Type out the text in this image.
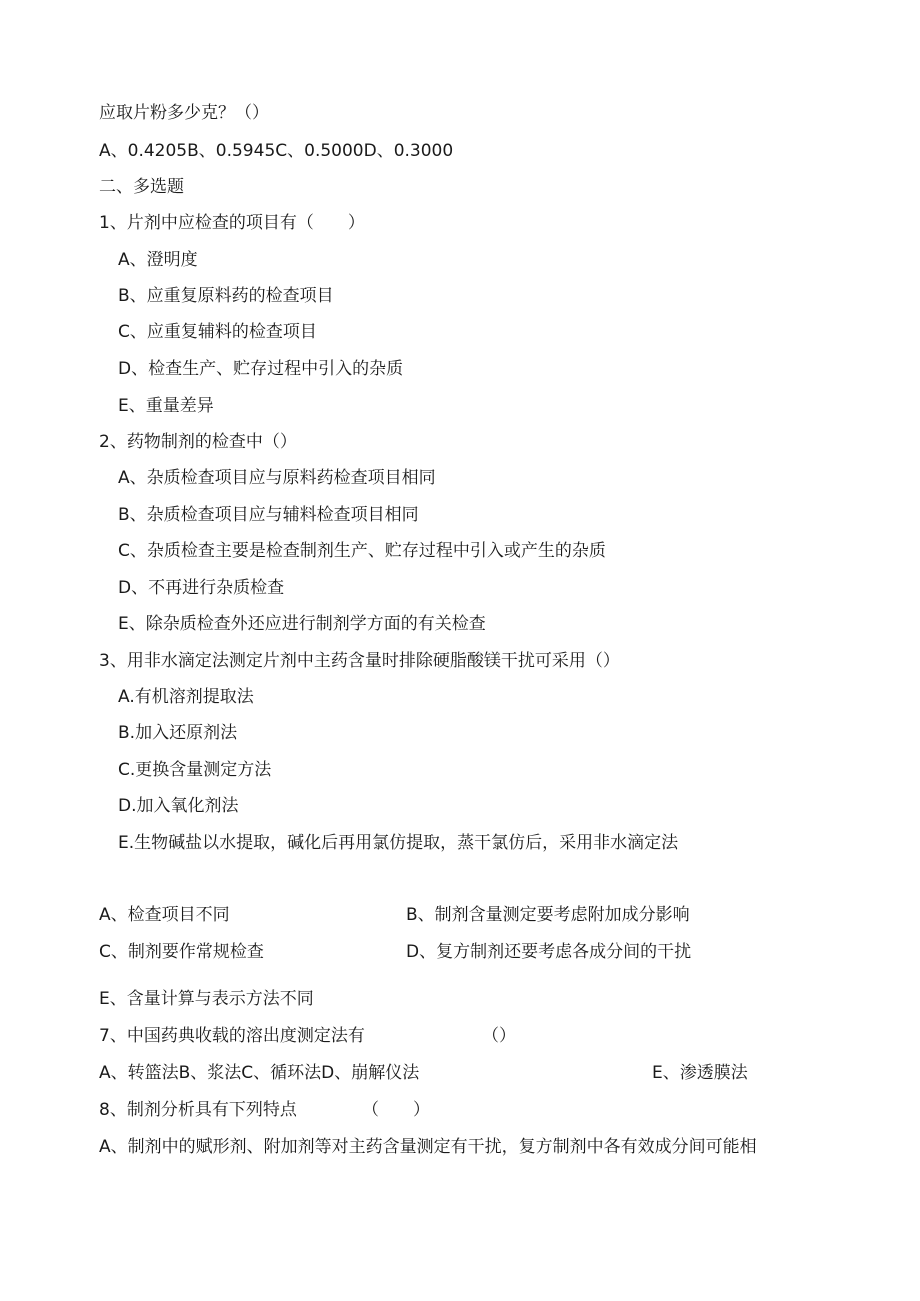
应取片粉多少克？（）
A、0.4205B、0.5945C、0.5000D、0.3000
二、多选题
1、片剂中应检查的项目有（　　）
A、澄明度
B、应重复原料药的检查项目
C、应重复辅料的检查项目
D、检查生产、贮存过程中引入的杂质
E、重量差异
2、药物制剂的检查中（）
A、杂质检查项目应与原料药检查项目相同
B、杂质检查项目应与辅料检查项目相同
C、杂质检查主要是检查制剂生产、贮存过程中引入或产生的杂质
D、不再进行杂质检查
E、除杂质检查外还应进行制剂学方面的有关检查
3、用非水滴定法测定片剂中主药含量时排除硬脂酸镁干扰可采用（）
A.有机溶剂提取法
B.加入还原剂法
C.更换含量测定方法
D.加入氧化剂法
E.生物碱盐以水提取，碱化后再用氯仿提取，蒸干氯仿后，采用非水滴定法
A、检查项目不同	B、制剂含量测定要考虑附加成分影响
C、制剂要作常规检查	D、复方制剂还要考虑各成分间的干扰
E、含量计算与表示方法不同
7、中国药典收载的溶出度测定法有	（）
A、转篮法B、浆法C、循环法D、崩解仪法	E、渗透膜法
8、制剂分析具有下列特点	（　　）
A、制剂中的赋形剂、附加剂等对主药含量测定有干扰，复方制剂中各有效成分间可能相
